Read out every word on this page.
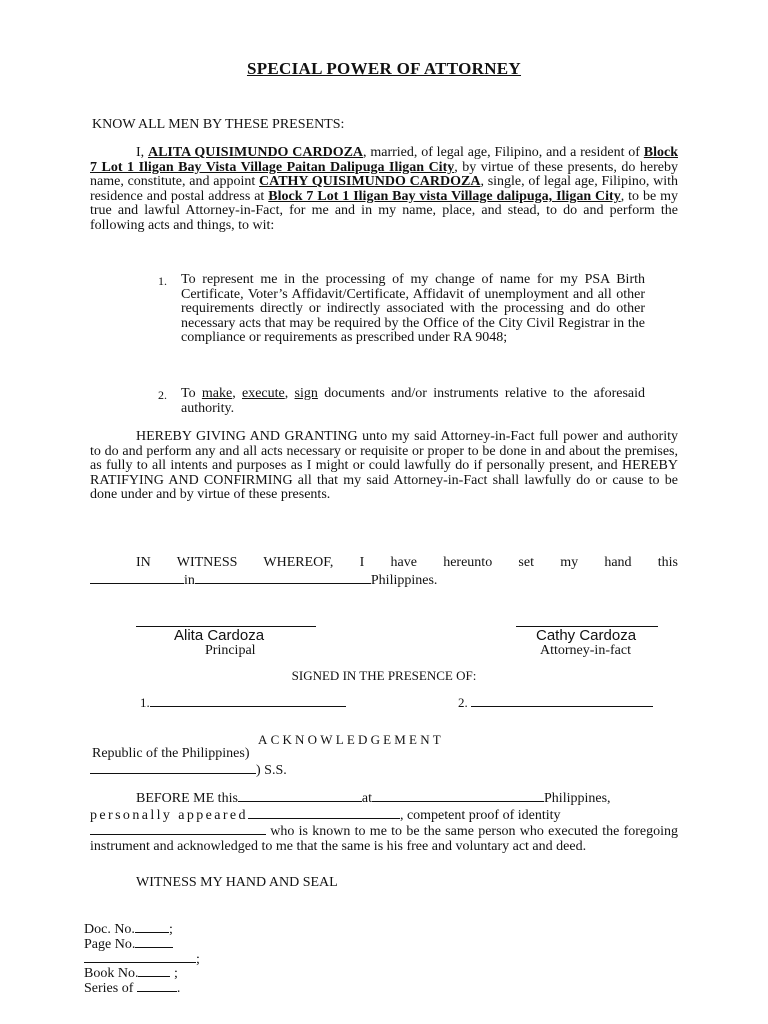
SPECIAL POWER OF ATTORNEY
KNOW ALL MEN BY THESE PRESENTS:
I, ALITA QUISIMUNDO CARDOZA, married, of legal age, Filipino, and a resident of Block 7 Lot 1 Iligan Bay Vista Village Paitan Dalipuga Iligan City, by virtue of these presents, do hereby name, constitute, and appoint CATHY QUISIMUNDO CARDOZA, single, of legal age, Filipino, with residence and postal address at Block 7 Lot 1 Iligan Bay vista Village dalipuga, Iligan City, to be my true and lawful Attorney-in-Fact, for me and in my name, place, and stead, to do and perform the following acts and things, to wit:
1. To represent me in the processing of my change of name for my PSA Birth Certificate, Voter’s Affidavit/Certificate, Affidavit of unemployment and all other requirements directly or indirectly associated with the processing and do other necessary acts that may be required by the Office of the City Civil Registrar in the compliance or requirements as prescribed under RA 9048;
2. To make, execute, sign documents and/or instruments relative to the aforesaid authority.
HEREBY GIVING AND GRANTING unto my said Attorney-in-Fact full power and authority to do and perform any and all acts necessary or requisite or proper to be done in and about the premises, as fully to all intents and purposes as I might or could lawfully do if personally present, and HEREBY RATIFYING AND CONFIRMING all that my said Attorney-in-Fact shall lawfully do or cause to be done under and by virtue of these presents.
IN WITNESS WHEREOF, I have hereunto set my hand this
in	Philippines.
Alita Cardoza
Principal
Cathy Cardoza
Attorney-in-fact
SIGNED IN THE PRESENCE OF:
1.	2.
ACKNOWLEDGEMENT
Republic of the Philippines)
) S.S.
BEFORE ME this	at	Philippines,
personally appeared	, competent proof of identity
who is known to me to be the same person who executed the foregoing instrument and acknowledged to me that the same is his free and voluntary act and deed.
WITNESS MY HAND AND SEAL
Doc. No. ;
Page No.
;
Book No. ;
Series of	.
